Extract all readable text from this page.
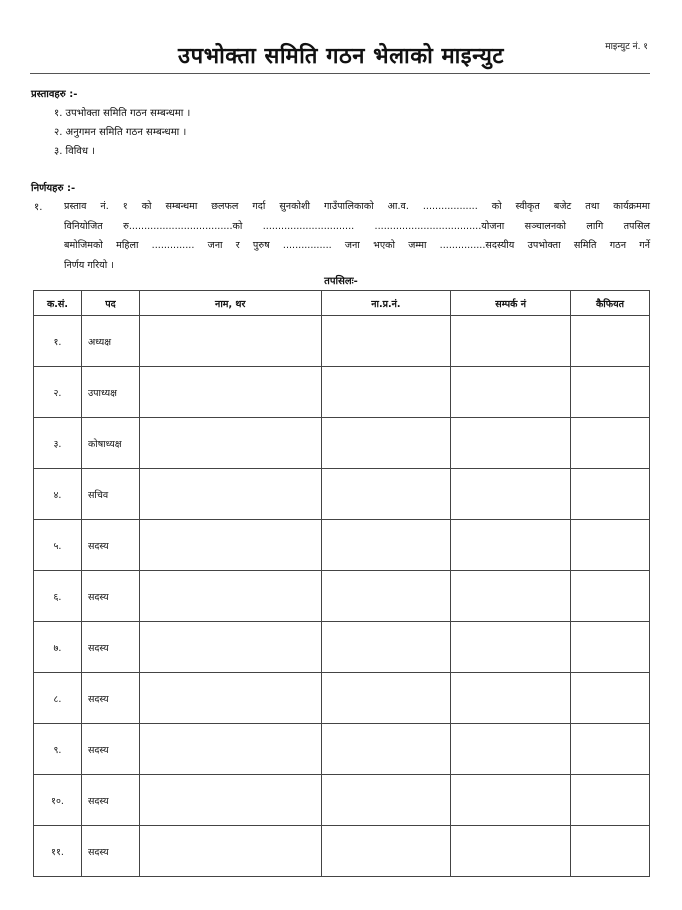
उपभोक्ता समिति गठन भेलाको माइन्युट	माइन्युट नं. १
प्रस्तावहरु :-
१. उपभोक्ता समिति गठन सम्बन्धमा ।
२. अनुगमन समिति गठन सम्बन्धमा ।
३. विविध ।
निर्णयहरु :-
१. प्रस्ताव नं. १ को सम्बन्धमा छलफल गर्दा सुनकोशी गाउँपालिकाको आ.व. .................. को स्वीकृत बजेट तथा कार्यक्रममा
विनियोजित रु..................................को .............................. ...................................योजना सञ्चालनको लागि तपसिल
बमोजिमको महिला .............. जना र पुरुष ................ जना भएको जम्मा ...............सदस्यीय उपभोक्ता समिति गठन गर्ने
निर्णय गरियो ।
तपसिलः-
क.सं.	पद	नाम, थर	ना.प्र.नं.	सम्पर्क नं	कैफियत
१.	अध्यक्ष				
२.	उपाध्यक्ष				
३.	कोषाध्यक्ष				
४.	सचिव				
५.	सदस्य				
६.	सदस्य				
७.	सदस्य				
८.	सदस्य				
९.	सदस्य				
१०.	सदस्य				
११.	सदस्य				
